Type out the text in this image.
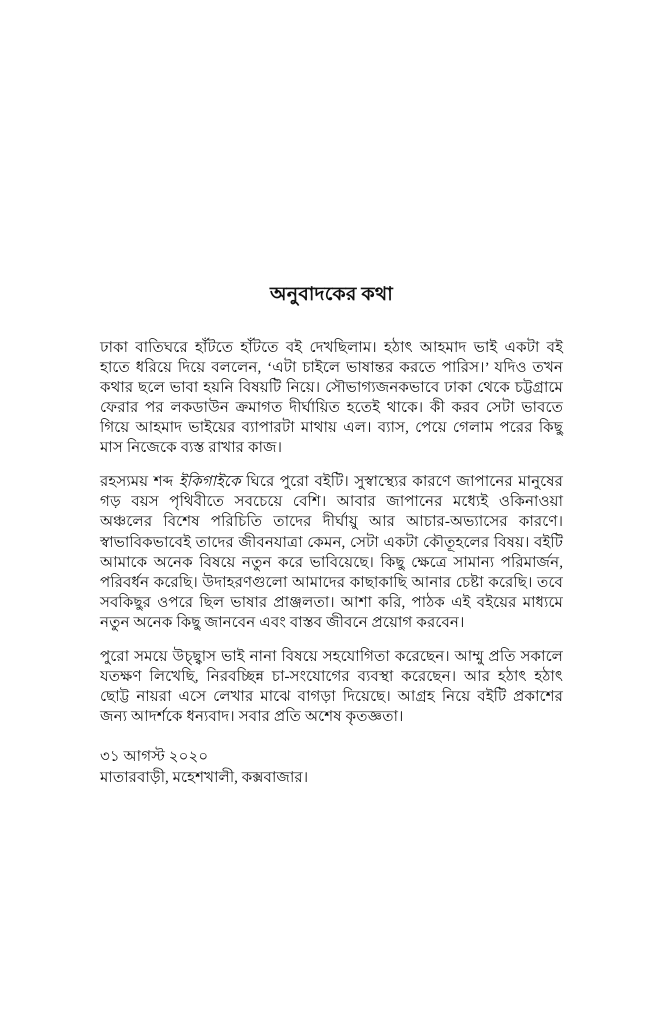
অনুবাদকের কথা

ঢাকা বাতিঘরে হাঁটতে হাঁটতে বই দেখছিলাম। হঠাৎ আহমাদ ভাই একটা বই হাতে ধরিয়ে দিয়ে বললেন, ‘এটা চাইলে ভাষান্তর করতে পারিস।’ যদিও তখন কথার ছলে ভাবা হয়নি বিষয়টি নিয়ে। সৌভাগ্যজনকভাবে ঢাকা থেকে চট্টগ্রামে ফেরার পর লকডাউন ক্রমাগত দীর্ঘায়িত হতেই থাকে। কী করব সেটা ভাবতে গিয়ে আহমাদ ভাইয়ের ব্যাপারটা মাথায় এল। ব্যাস, পেয়ে গেলাম পরের কিছু মাস নিজেকে ব্যস্ত রাখার কাজ।

রহস্যময় শব্দ ইকিগাইকে ঘিরে পুরো বইটি। সুস্বাস্থ্যের কারণে জাপানের মানুষের গড় বয়স পৃথিবীতে সবচেয়ে বেশি। আবার জাপানের মধ্যেই ওকিনাওয়া অঞ্চলের বিশেষ পরিচিতি তাদের দীর্ঘায়ু আর আচার-অভ্যাসের কারণে। স্বাভাবিকভাবেই তাদের জীবনযাত্রা কেমন, সেটা একটা কৌতূহলের বিষয়। বইটি আমাকে অনেক বিষয়ে নতুন করে ভাবিয়েছে। কিছু ক্ষেত্রে সামান্য পরিমার্জন, পরিবর্ধন করেছি। উদাহরণগুলো আমাদের কাছাকাছি আনার চেষ্টা করেছি। তবে সবকিছুর ওপরে ছিল ভাষার প্রাঞ্জলতা। আশা করি, পাঠক এই বইয়ের মাধ্যমে নতুন অনেক কিছু জানবেন এবং বাস্তব জীবনে প্রয়োগ করবেন।

পুরো সময়ে উচ্ছ্বাস ভাই নানা বিষয়ে সহযোগিতা করেছেন। আম্মু প্রতি সকালে যতক্ষণ লিখেছি, নিরবচ্ছিন্ন চা-সংযোগের ব্যবস্থা করেছেন। আর হঠাৎ হঠাৎ ছোট্ট নায়রা এসে লেখার মাঝে বাগড়া দিয়েছে। আগ্রহ নিয়ে বইটি প্রকাশের জন্য আদর্শকে ধন্যবাদ। সবার প্রতি অশেষ কৃতজ্ঞতা।

৩১ আগস্ট ২০২০

মাতারবাড়ী, মহেশখালী, কক্সবাজার।
